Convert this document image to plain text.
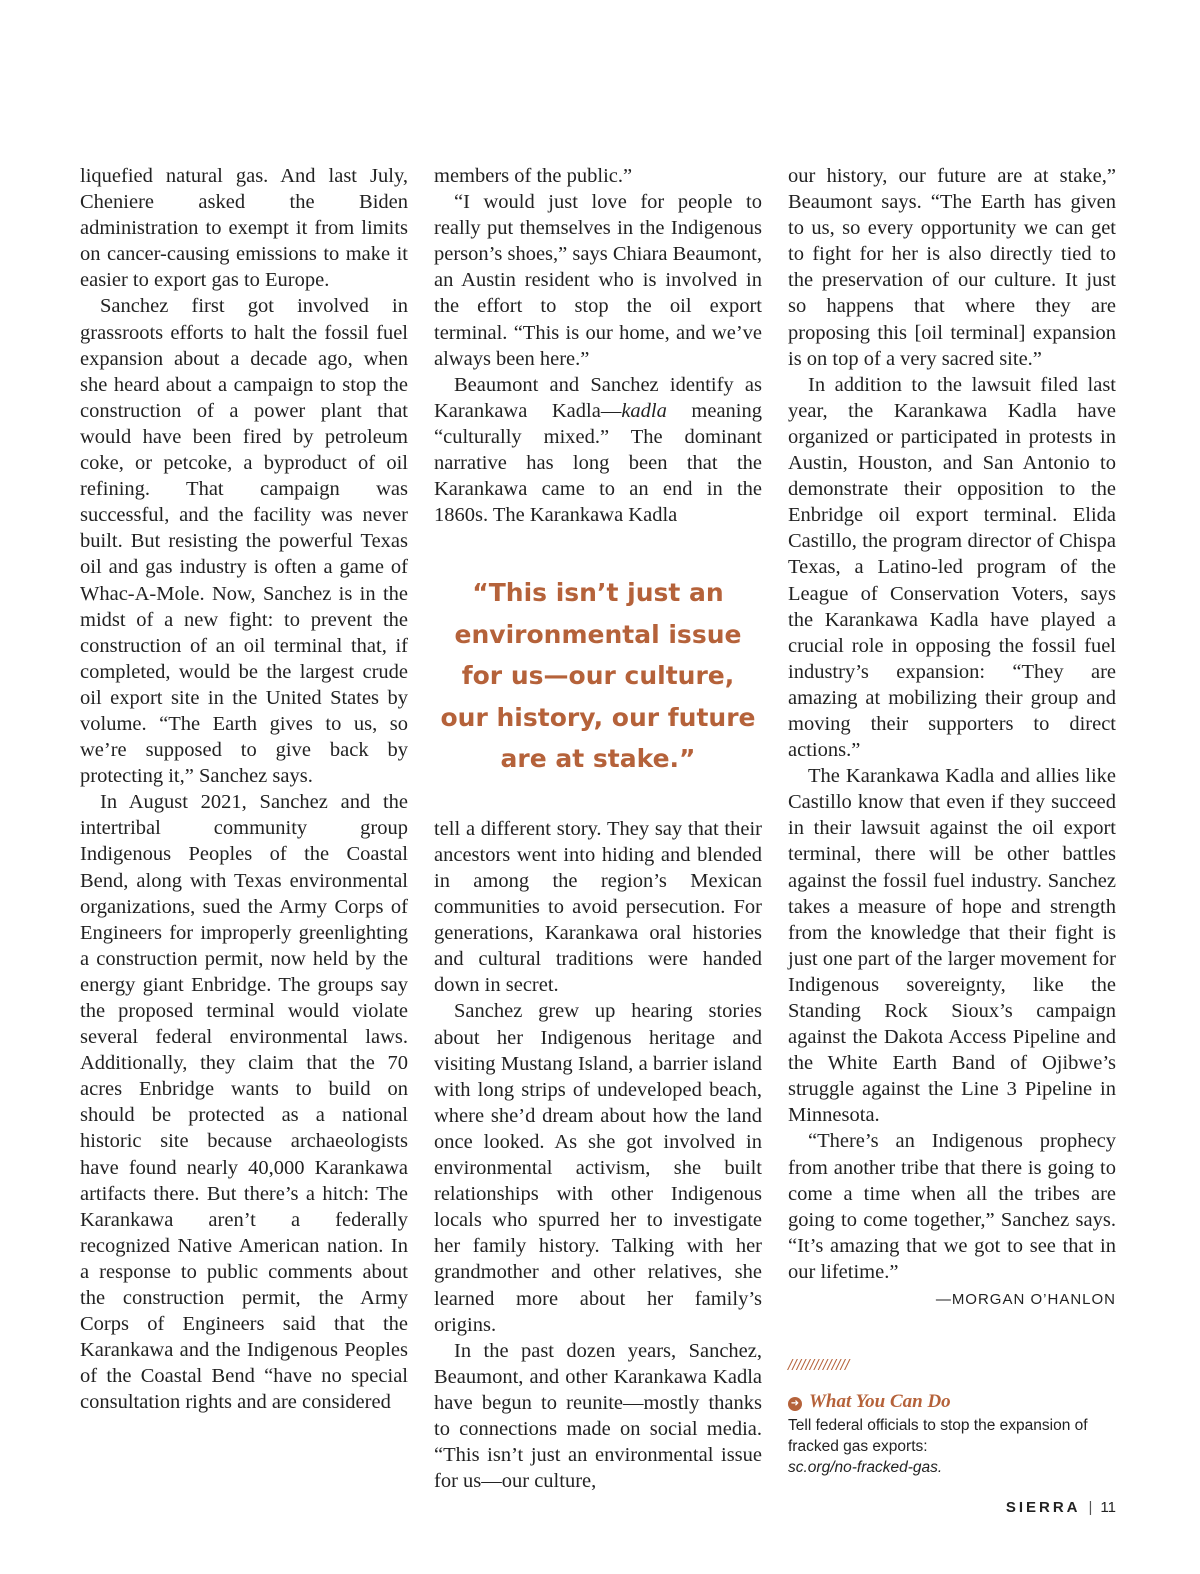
liquefied natural gas. And last July, Cheniere asked the Biden administration to exempt it from limits on cancer-causing emissions to make it easier to export gas to Europe.

Sanchez first got involved in grassroots efforts to halt the fossil fuel expansion about a decade ago, when she heard about a campaign to stop the construction of a power plant that would have been fired by petroleum coke, or petcoke, a byproduct of oil refining. That campaign was successful, and the facility was never built. But resisting the powerful Texas oil and gas industry is often a game of Whac-A-Mole. Now, Sanchez is in the midst of a new fight: to prevent the construction of an oil terminal that, if completed, would be the largest crude oil export site in the United States by volume. “The Earth gives to us, so we’re supposed to give back by protecting it,” Sanchez says.

In August 2021, Sanchez and the intertribal community group Indigenous Peoples of the Coastal Bend, along with Texas environmental organizations, sued the Army Corps of Engineers for improperly greenlighting a construction permit, now held by the energy giant Enbridge. The groups say the proposed terminal would violate several federal environmental laws. Additionally, they claim that the 70 acres Enbridge wants to build on should be protected as a national historic site because archaeologists have found nearly 40,000 Karankawa artifacts there. But there’s a hitch: The Karankawa aren’t a federally recognized Native American nation. In a response to public comments about the construction permit, the Army Corps of Engineers said that the Karankawa and the Indigenous Peoples of the Coastal Bend “have no special consultation rights and are considered

members of the public.”

“I would just love for people to really put themselves in the Indigenous person’s shoes,” says Chiara Beaumont, an Austin resident who is involved in the effort to stop the oil export terminal. “This is our home, and we’ve always been here.”

Beaumont and Sanchez identify as Karankawa Kadla—kadla meaning “culturally mixed.” The dominant narrative has long been that the Karankawa came to an end in the 1860s. The Karankawa Kadla

“This isn’t just an environmental issue for us—our culture, our history, our future are at stake.”

tell a different story. They say that their ancestors went into hiding and blended in among the region’s Mexican communities to avoid persecution. For generations, Karankawa oral histories and cultural traditions were handed down in secret.

Sanchez grew up hearing stories about her Indigenous heritage and visiting Mustang Island, a barrier island with long strips of undeveloped beach, where she’d dream about how the land once looked. As she got involved in environmental activism, she built relationships with other Indigenous locals who spurred her to investigate her family history. Talking with her grandmother and other relatives, she learned more about her family’s origins.

In the past dozen years, Sanchez, Beaumont, and other Karankawa Kadla have begun to reunite—mostly thanks to connections made on social media. “This isn’t just an environmental issue for us—our culture,

our history, our future are at stake,” Beaumont says. “The Earth has given to us, so every opportunity we can get to fight for her is also directly tied to the preservation of our culture. It just so happens that where they are proposing this [oil terminal] expansion is on top of a very sacred site.”

In addition to the lawsuit filed last year, the Karankawa Kadla have organized or participated in protests in Austin, Houston, and San Antonio to demonstrate their opposition to the Enbridge oil export terminal. Elida Castillo, the program director of Chispa Texas, a Latino-led program of the League of Conservation Voters, says the Karankawa Kadla have played a crucial role in opposing the fossil fuel industry’s expansion: “They are amazing at mobilizing their group and moving their supporters to direct actions.”

The Karankawa Kadla and allies like Castillo know that even if they succeed in their lawsuit against the oil export terminal, there will be other battles against the fossil fuel industry. Sanchez takes a measure of hope and strength from the knowledge that their fight is just one part of the larger movement for Indigenous sovereignty, like the Standing Rock Sioux’s campaign against the Dakota Access Pipeline and the White Earth Band of Ojibwe’s struggle against the Line 3 Pipeline in Minnesota.

“There’s an Indigenous prophecy from another tribe that there is going to come a time when all the tribes are going to come together,” Sanchez says. “It’s amazing that we got to see that in our lifetime.”

—MORGAN O’HANLON
//////////////
➜ What You Can Do
Tell federal officials to stop the expansion of fracked gas exports:
sc.org/no-fracked-gas.
SIERRA | 11
